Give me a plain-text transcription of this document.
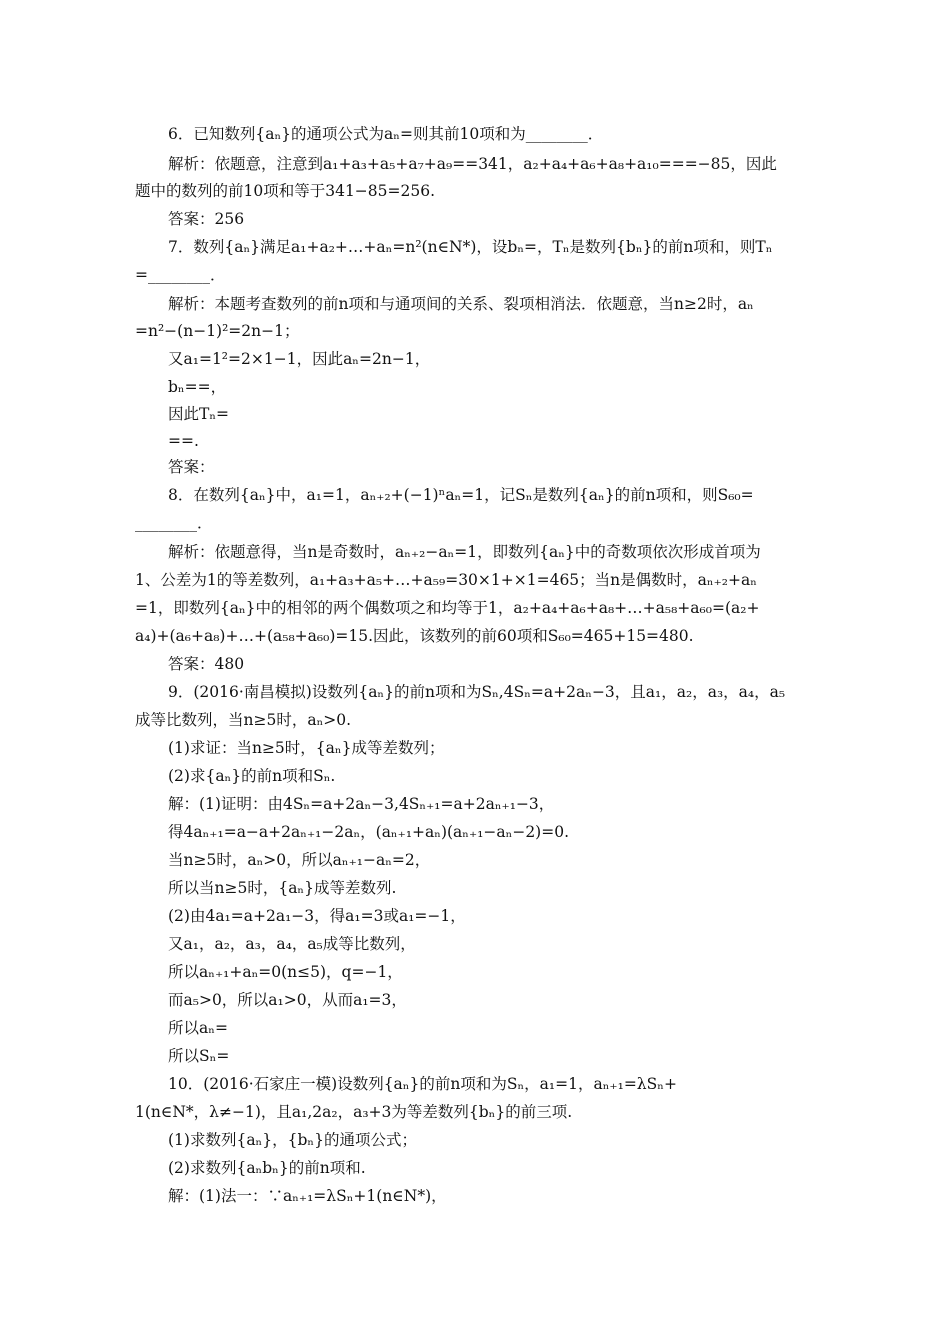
6．已知数列{aₙ}的通项公式为aₙ=则其前10项和为________．
解析：依题意，注意到a₁+a₃+a₅+a₇+a₉==341，a₂+a₄+a₆+a₈+a₁₀===−85，因此
题中的数列的前10项和等于341−85=256.
答案：256
7．数列{aₙ}满足a₁+a₂+…+aₙ=n²(n∈N*)，设bₙ=，Tₙ是数列{bₙ}的前n项和，则Tₙ
=________．
解析：本题考查数列的前n项和与通项间的关系、裂项相消法．依题意，当n≥2时，aₙ
=n²−(n−1)²=2n−1；
又a₁=1²=2×1−1，因此aₙ=2n−1，
bₙ==，
因此Tₙ=
==.
答案：
8．在数列{aₙ}中，a₁=1，aₙ₊₂+(−1)ⁿaₙ=1，记Sₙ是数列{aₙ}的前n项和，则S₆₀=
________．
解析：依题意得，当n是奇数时，aₙ₊₂−aₙ=1，即数列{aₙ}中的奇数项依次形成首项为
1、公差为1的等差数列，a₁+a₃+a₅+…+a₅₉=30×1+×1=465；当n是偶数时，aₙ₊₂+aₙ
=1，即数列{aₙ}中的相邻的两个偶数项之和均等于1，a₂+a₄+a₆+a₈+…+a₅₈+a₆₀=(a₂+
a₄)+(a₆+a₈)+…+(a₅₈+a₆₀)=15.因此，该数列的前60项和S₆₀=465+15=480.
答案：480
9．(2016·南昌模拟)设数列{aₙ}的前n项和为Sₙ,4Sₙ=a+2aₙ−3，且a₁，a₂，a₃，a₄，a₅
成等比数列，当n≥5时，aₙ>0.
(1)求证：当n≥5时，{aₙ}成等差数列；
(2)求{aₙ}的前n项和Sₙ.
解：(1)证明：由4Sₙ=a+2aₙ−3,4Sₙ₊₁=a+2aₙ₊₁−3，
得4aₙ₊₁=a−a+2aₙ₊₁−2aₙ，(aₙ₊₁+aₙ)(aₙ₊₁−aₙ−2)=0.
当n≥5时，aₙ>0，所以aₙ₊₁−aₙ=2，
所以当n≥5时，{aₙ}成等差数列.
(2)由4a₁=a+2a₁−3，得a₁=3或a₁=−1，
又a₁，a₂，a₃，a₄，a₅成等比数列，
所以aₙ₊₁+aₙ=0(n≤5)，q=−1，
而a₅>0，所以a₁>0，从而a₁=3，
所以aₙ=
所以Sₙ=
10．(2016·石家庄一模)设数列{aₙ}的前n项和为Sₙ，a₁=1，aₙ₊₁=λSₙ+
1(n∈N*，λ≠−1)，且a₁,2a₂，a₃+3为等差数列{bₙ}的前三项.
(1)求数列{aₙ}，{bₙ}的通项公式；
(2)求数列{aₙbₙ}的前n项和.
解：(1)法一：∵aₙ₊₁=λSₙ+1(n∈N*)，
